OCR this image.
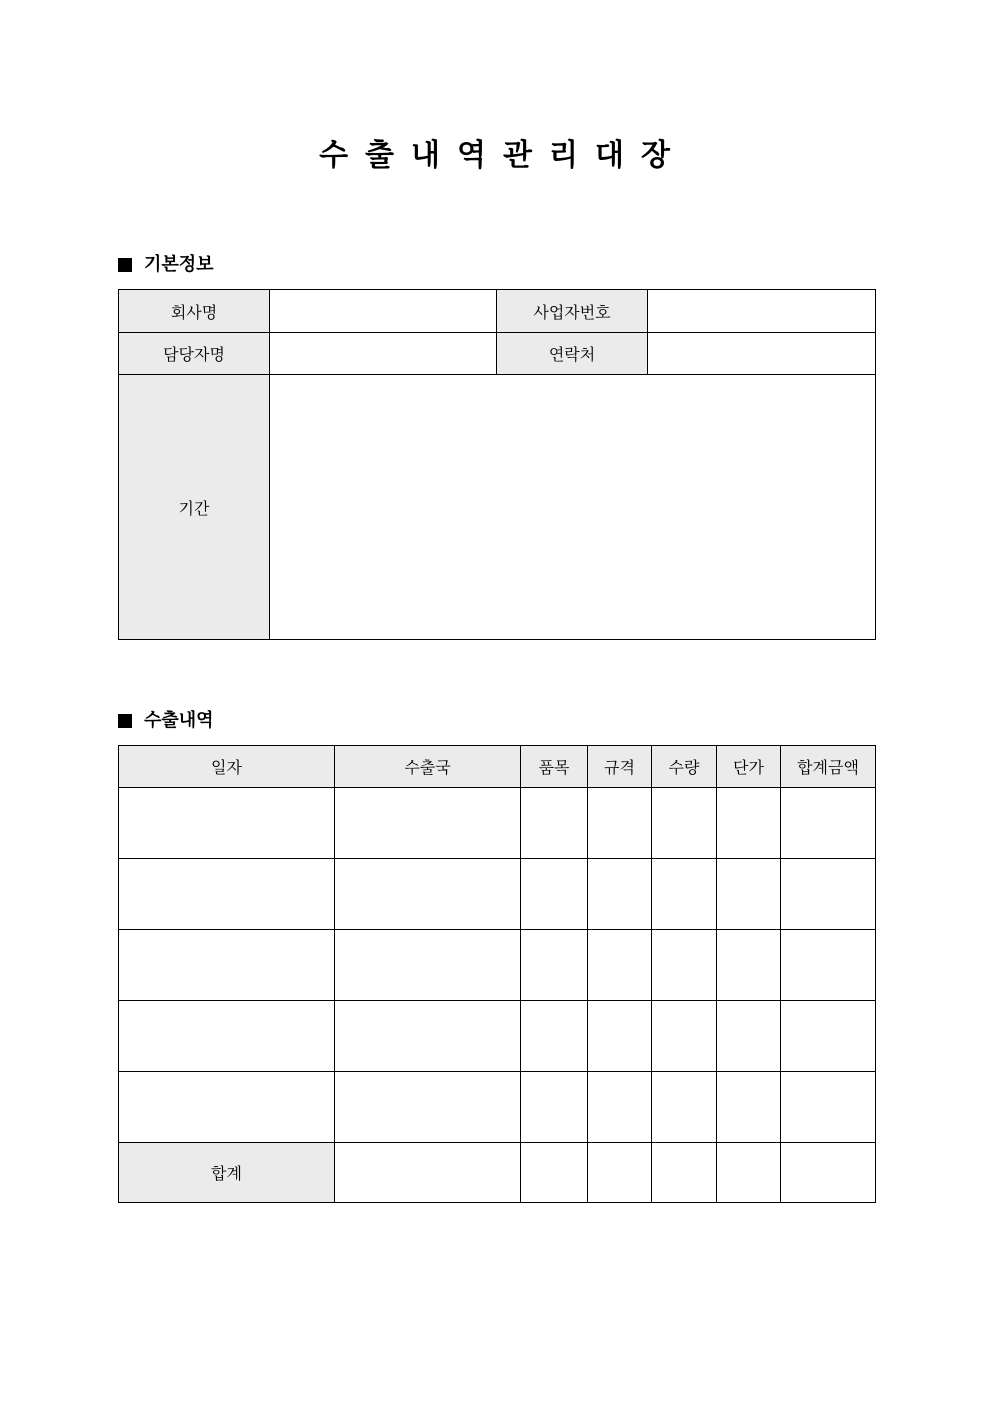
수출내역관리대장
기본정보
회사명		사업자번호	
담당자명		연락처	
기간			
수출내역
일자	수출국	품목	규격	수량	단가	합계금액

합계						
